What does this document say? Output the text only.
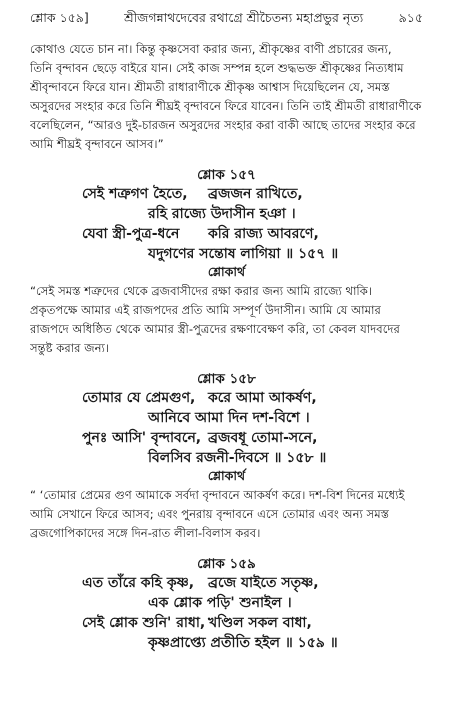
শ্লোক ১৫৯]	শ্রীজগন্নাথদেবের রথাগ্রে শ্রীচৈতন্য মহাপ্রভুর নৃত্য	৯১৫
কোথাও যেতে চান না। কিন্তু কৃষ্ণসেবা করার জন্য, শ্রীকৃষ্ণের বাণী প্রচারের জন্য,
তিনি বৃন্দাবন ছেড়ে বাইরে যান। সেই কাজ সম্পন্ন হলে শুদ্ধভক্ত শ্রীকৃষ্ণের নিত্যধাম
শ্রীবৃন্দাবনে ফিরে যান। শ্রীমতী রাধারাণীকে শ্রীকৃষ্ণ আশ্বাস দিয়েছিলেন যে, সমস্ত
অসুরদের সংহার করে তিনি শীঘ্রই বৃন্দাবনে ফিরে যাবেন। তিনি তাই শ্রীমতী রাধারাণীকে
বলেছিলেন, “আরও দুই-চারজন অসুরদের সংহার করা বাকী আছে তাদের সংহার করে
আমি শীঘ্রই বৃন্দাবনে আসব।”
শ্লোক ১৫৭
সেই শত্রুগণ হৈতে,	ব্রজজন রাখিতে,
রহি রাজ্যে উদাসীন হঞা ।
যেবা স্ত্রী-পুত্র-ধনে	করি রাজ্য আবরণে,
যদুগণের সন্তোষ লাগিয়া ॥ ১৫৭ ॥
শ্লোকার্থ
“সেই সমস্ত শত্রুদের থেকে ব্রজবাসীদের রক্ষা করার জন্য আমি রাজ্যে থাকি।
প্রকৃতপক্ষে আমার এই রাজপদের প্রতি আমি সম্পূর্ণ উদাসীন। আমি যে আমার
রাজপদে অধিষ্ঠিত থেকে আমার স্ত্রী-পুত্রদের রক্ষণাবেক্ষণ করি, তা কেবল যাদবদের
সন্তুষ্ট করার জন্য।
শ্লোক ১৫৮
তোমার যে প্রেমগুণ, করে আমা আকর্ষণ,
আনিবে আমা দিন দশ-বিশে ।
পুনঃ আসি' বৃন্দাবনে, ব্রজবধূ তোমা-সনে,
বিলসিব রজনী-দিবসে ॥ ১৫৮ ॥
শ্লোকার্থ
“ ‘তোমার প্রেমের গুণ আমাকে সর্বদা বৃন্দাবনে আকর্ষণ করে। দশ-বিশ দিনের মধ্যেই
আমি সেখানে ফিরে আসব; এবং পুনরায় বৃন্দাবনে এসে তোমার এবং অন্য সমস্ত
ব্রজগোপিকাদের সঙ্গে দিন-রাত লীলা-বিলাস করব।
শ্লোক ১৫৯
এত তাঁরে কহি কৃষ্ণ, ব্রজে যাইতে সতৃষ্ণ,
এক শ্লোক পড়ি' শুনাইল ।
সেই শ্লোক শুনি' রাধা, খণ্ডিল সকল বাধা,
কৃষ্ণপ্রাপ্ত্যে প্রতীতি হইল ॥ ১৫৯ ॥
